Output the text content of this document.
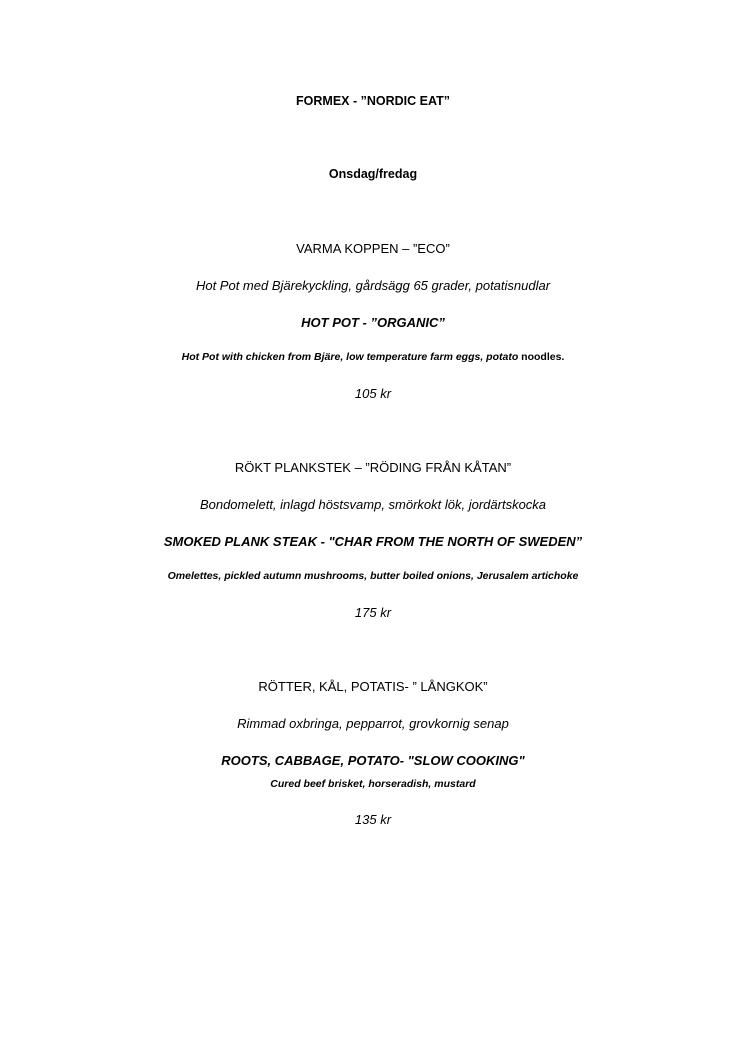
FORMEX - ”NORDIC EAT”
Onsdag/fredag
VARMA KOPPEN – ”ECO”
Hot Pot med Bjärekyckling, gårdsägg 65 grader, potatisnudlar
HOT POT - ”ORGANIC”
Hot Pot with chicken from Bjäre, low temperature farm eggs, potato noodles.
105 kr
RÖKT PLANKSTEK – ”RÖDING FRÅN KÅTAN”
Bondomelett, inlagd höstsvamp, smörkokt lök, jordärtskocka
SMOKED PLANK STEAK - "CHAR FROM THE NORTH OF SWEDEN”
Omelettes, pickled autumn mushrooms, butter boiled onions, Jerusalem artichoke
175 kr
RÖTTER, KÅL, POTATIS- ” LÅNGKOK”
Rimmad oxbringa, pepparrot, grovkornig senap
ROOTS, CABBAGE, POTATO- "SLOW COOKING"
Cured beef brisket, horseradish, mustard
135 kr
